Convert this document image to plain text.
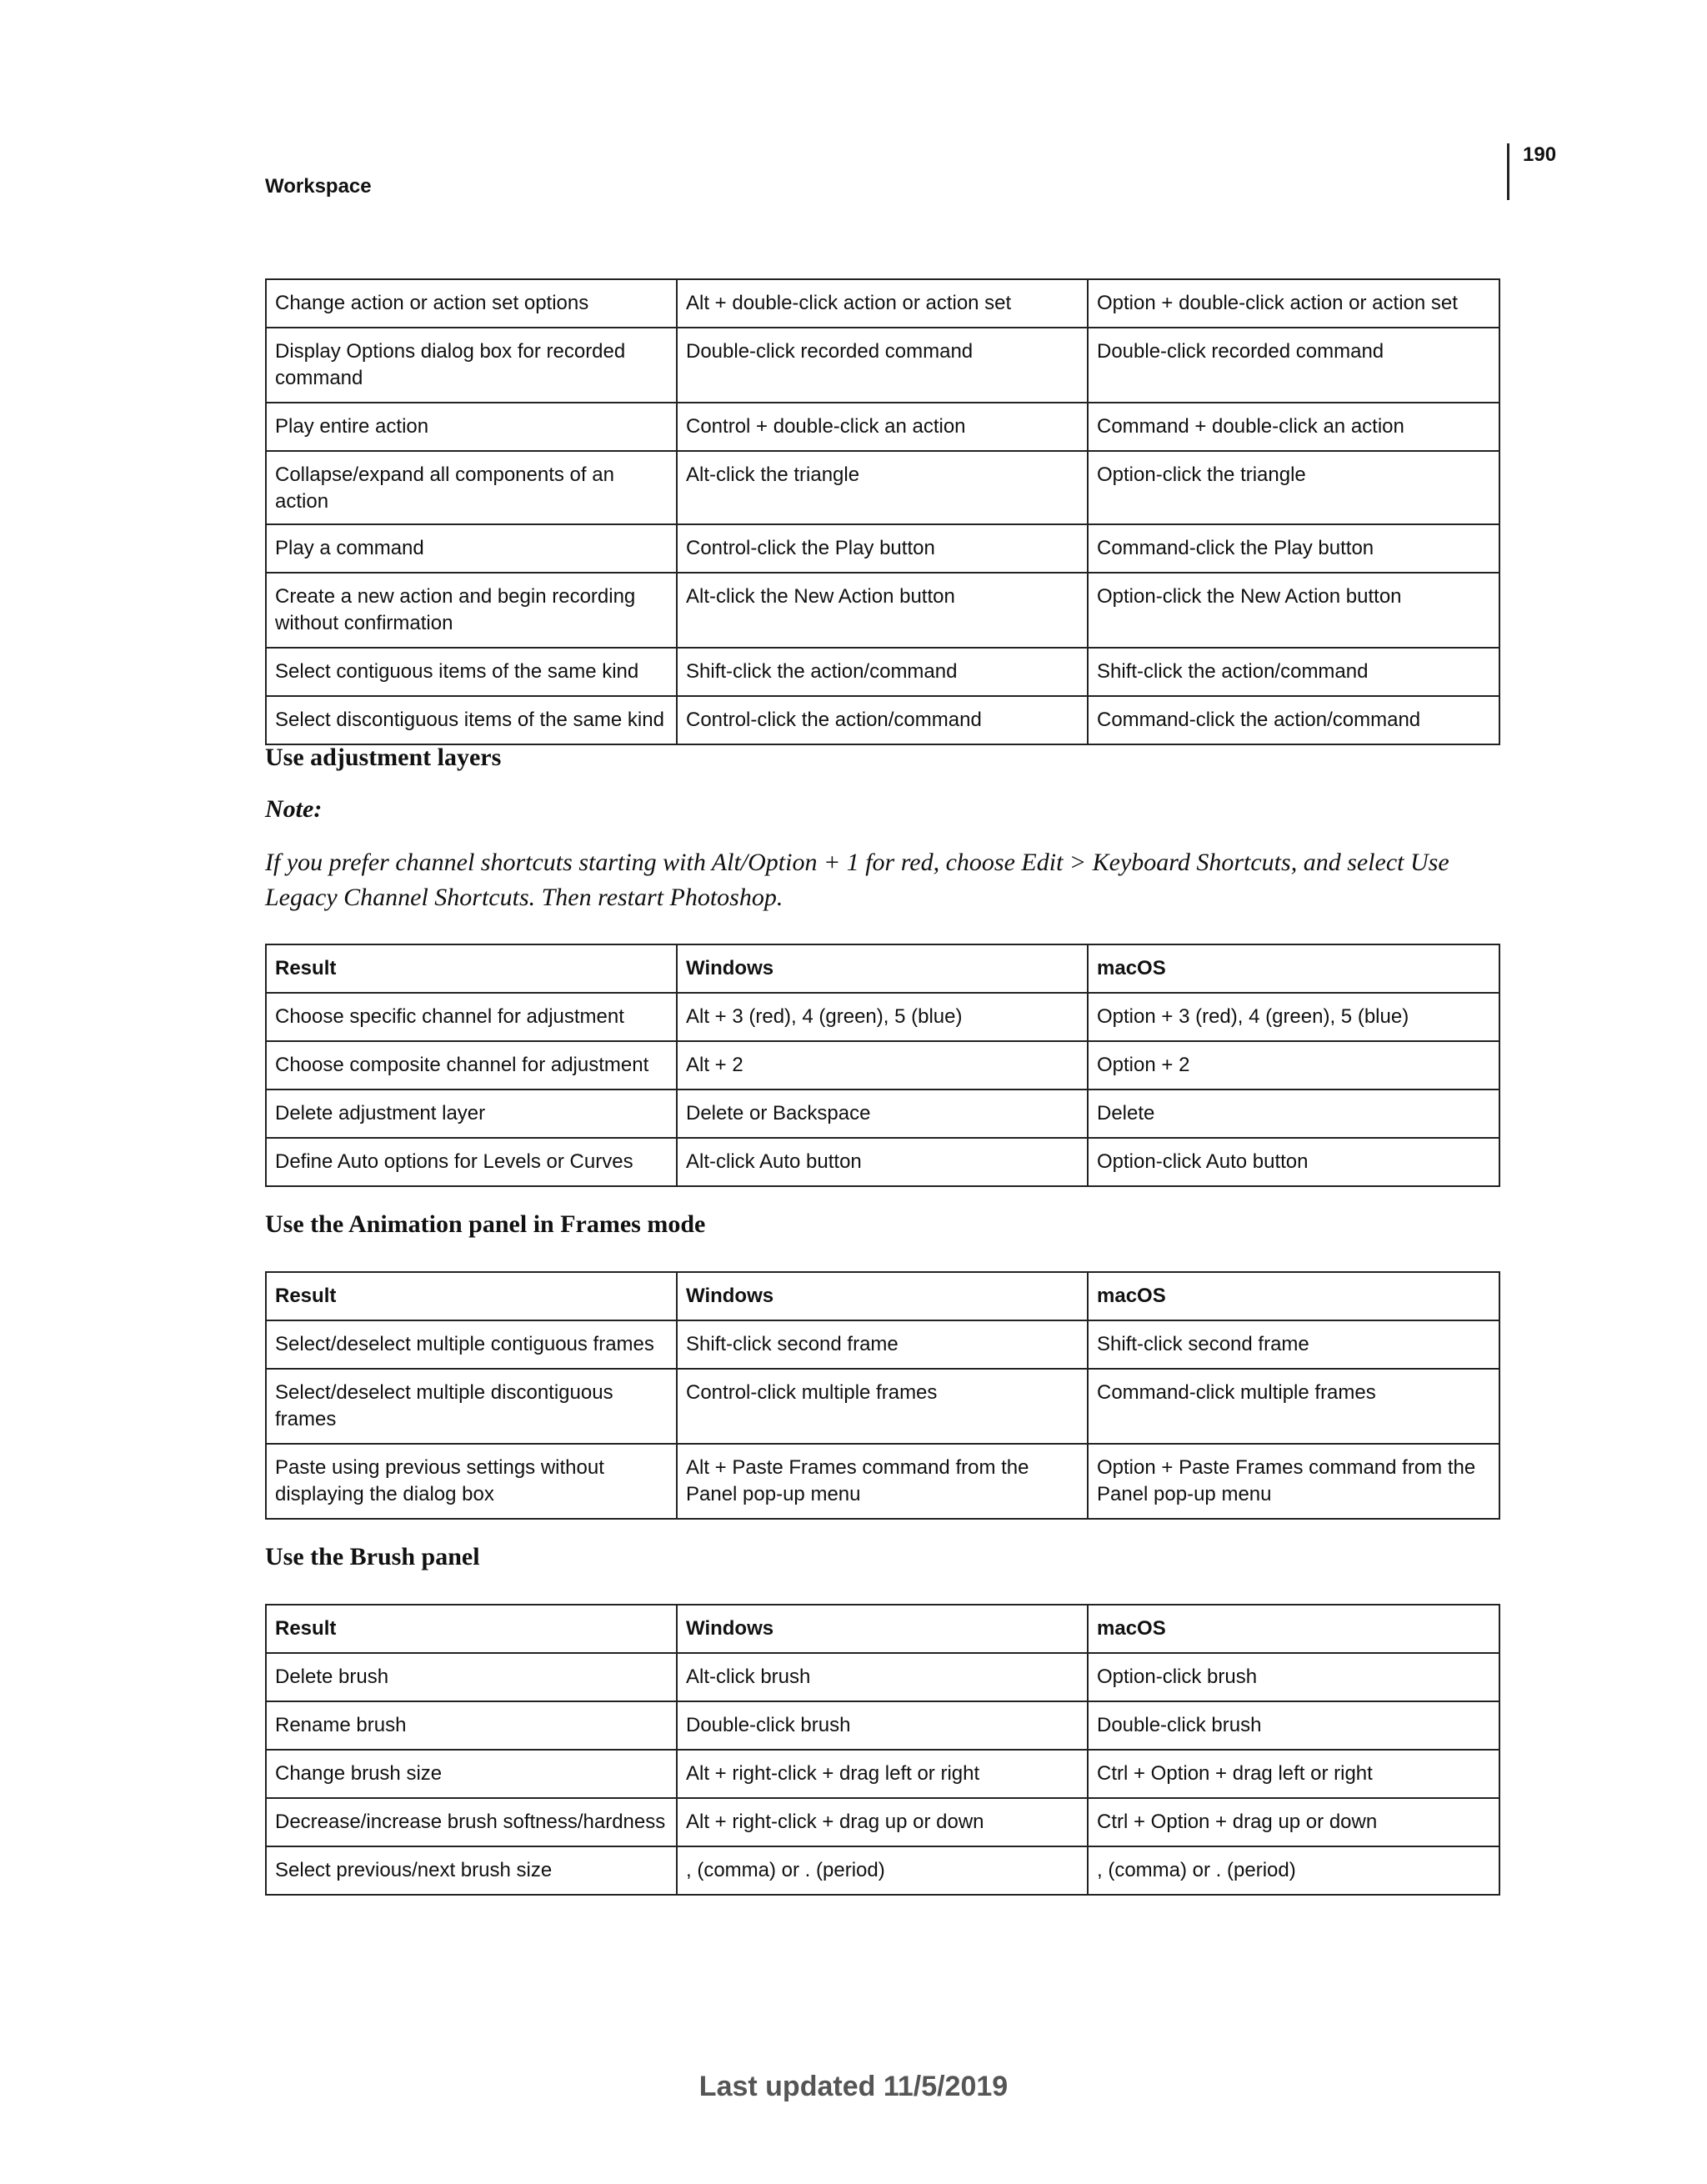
190
Workspace
Change action or action set options	Alt + double-click action or action set	Option + double-click action or action set
Display Options dialog box for recorded command	Double-click recorded command	Double-click recorded command
Play entire action	Control + double-click an action	Command + double-click an action
Collapse/expand all components of an action	Alt-click the triangle	Option-click the triangle
Play a command	Control-click the Play button	Command-click the Play button
Create a new action and begin recording without confirmation	Alt-click the New Action button	Option-click the New Action button
Select contiguous items of the same kind	Shift-click the action/command	Shift-click the action/command
Select discontiguous items of the same kind	Control-click the action/command	Command-click the action/command
Use adjustment layers
Note:
If you prefer channel shortcuts starting with Alt/Option + 1 for red, choose Edit > Keyboard Shortcuts, and select Use Legacy Channel Shortcuts. Then restart Photoshop.
Result	Windows	macOS
Choose specific channel for adjustment	Alt + 3 (red), 4 (green), 5 (blue)	Option + 3 (red), 4 (green), 5 (blue)
Choose composite channel for adjustment	Alt + 2	Option + 2
Delete adjustment layer	Delete or Backspace	Delete
Define Auto options for Levels or Curves	Alt-click Auto button	Option-click Auto button
Use the Animation panel in Frames mode
Result	Windows	macOS
Select/deselect multiple contiguous frames	Shift-click second frame	Shift-click second frame
Select/deselect multiple discontiguous frames	Control-click multiple frames	Command-click multiple frames
Paste using previous settings without displaying the dialog box	Alt + Paste Frames command from the Panel pop-up menu	Option + Paste Frames command from the Panel pop-up menu
Use the Brush panel
Result	Windows	macOS
Delete brush	Alt-click brush	Option-click brush
Rename brush	Double-click brush	Double-click brush
Change brush size	Alt + right-click + drag left or right	Ctrl + Option + drag left or right
Decrease/increase brush softness/hardness	Alt + right-click + drag up or down	Ctrl + Option + drag up or down
Select previous/next brush size	, (comma) or . (period)	, (comma) or . (period)
Last updated 11/5/2019
